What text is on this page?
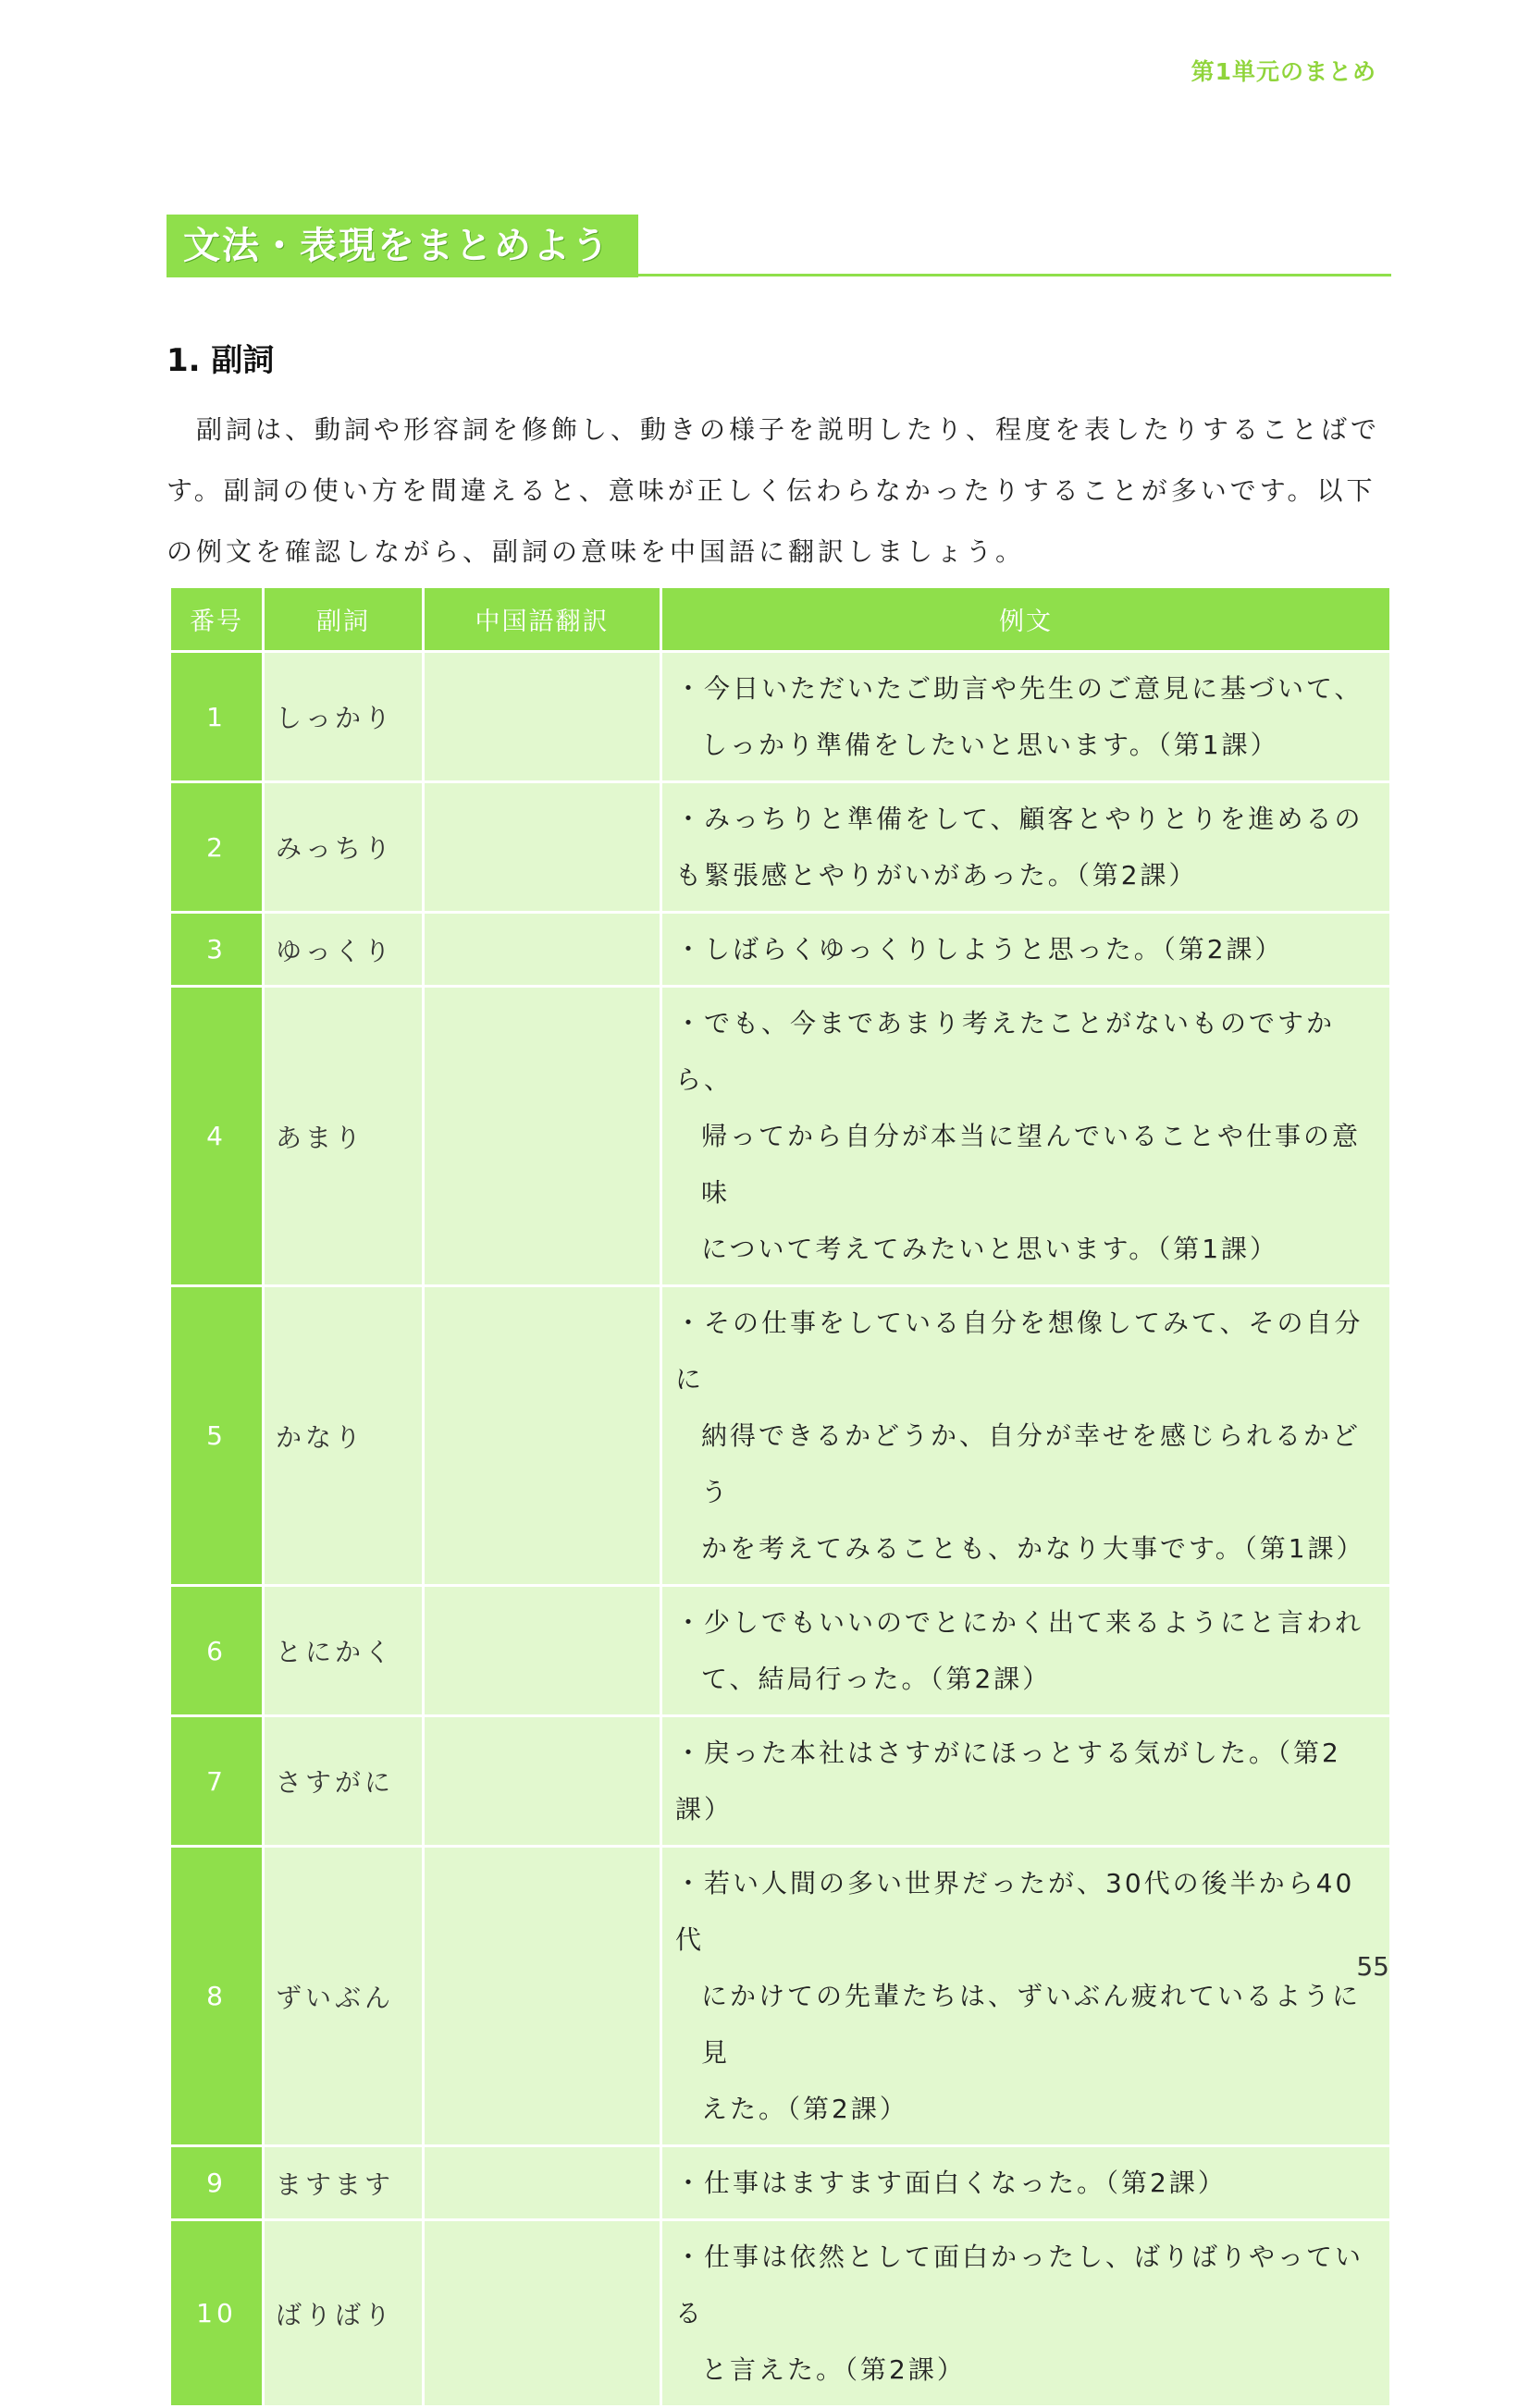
第1単元のまとめ
文法・表現をまとめよう
1. 副詞

副詞は、動詞や形容詞を修飾し、動きの様子を説明したり、程度を表したりすることばです。副詞の使い方を間違えると、意味が正しく伝わらなかったりすることが多いです。以下の例文を確認しながら、副詞の意味を中国語に翻訳しましょう。

番号	副詞	中国語翻訳	例文
1	しっかり		・今日いただいたご助言や先生のご意見に基づいて、
しっかり準備をしたいと思います。（第1課）

2	みっちり		・みっちりと準備をして、顧客とやりとりを進めるの
も緊張感とやりがいがあった。（第2課）

3	ゆっくり		・しばらくゆっくりしようと思った。（第2課）

4	あまり		・でも、今まであまり考えたことがないものですから、
帰ってから自分が本当に望んでいることや仕事の意味
について考えてみたいと思います。（第1課）

5	かなり		・その仕事をしている自分を想像してみて、その自分に
納得できるかどうか、自分が幸せを感じられるかどう
かを考えてみることも、かなり大事です。（第1課）

6	とにかく		・少しでもいいのでとにかく出て来るようにと言われ
て、結局行った。（第2課）

7	さすがに		・戻った本社はさすがにほっとする気がした。（第2課）

8	ずいぶん		・若い人間の多い世界だったが、30代の後半から40代
にかけての先輩たちは、ずいぶん疲れているように見
えた。（第2課）

9	ますます		・仕事はますます面白くなった。（第2課）

10	ばりばり		・仕事は依然として面白かったし、ばりばりやっている
と言えた。（第2課）
55
